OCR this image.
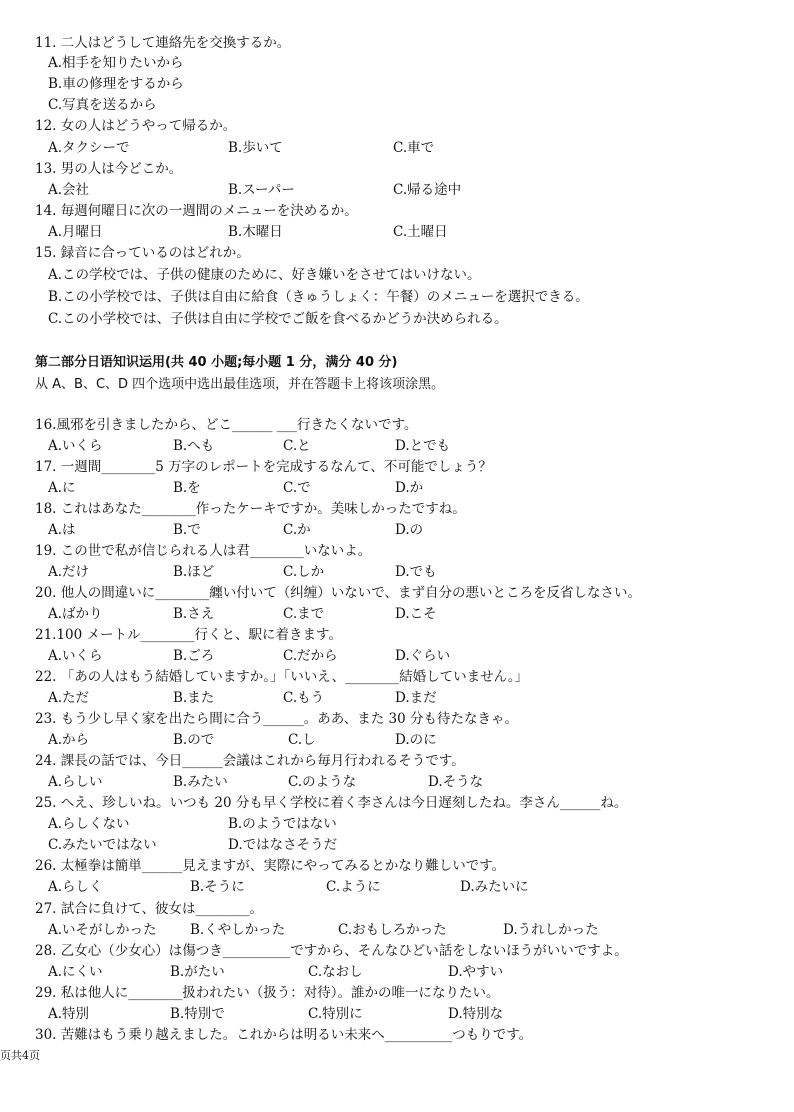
11. 二人はどうして連絡先を交換するか。
A.相手を知りたいから
B.車の修理をするから
C.写真を送るから
12. 女の人はどうやって帰るか。
A.タクシーで	B.歩いて	C.車で
13. 男の人は今どこか。
A.会社	B.スーパー	C.帰る途中
14. 毎週何曜日に次の一週間のメニューを決めるか。
A.月曜日	B.木曜日	C.土曜日
15. 録音に合っているのはどれか。
A.この学校では、子供の健康のために、好き嫌いをさせてはいけない。
B.この小学校では、子供は自由に給食（きゅうしょく：午餐）のメニューを選択できる。
C.この小学校では、子供は自由に学校でご飯を食べるかどうか決められる。
第二部分日语知识运用(共 40 小题;每小题 1 分，满分 40 分)
从 A、B、C、D 四个选项中选出最佳选项，并在答题卡上将该项涂黑。
16.風邪を引きましたから、どこ______ ___行きたくないです。
A.いくら	B.へも	C.と	D.とでも
17. 一週間________5 万字のレポートを完成するなんて、不可能でしょう？
A.に	B.を	C.で	D.か
18. これはあなた________作ったケーキですか。美味しかったですね。
A.は	B.で	C.か	D.の
19. この世で私が信じられる人は君________いないよ。
A.だけ	B.ほど	C.しか	D.でも
20. 他人の間違いに________纏い付いて（纠缠）いないで、まず自分の悪いところを反省しなさい。
A.ばかり	B.さえ	C.まで	D.こそ
21.100 メートル________行くと、駅に着きます。
A.いくら	B.ごろ	C.だから	D.ぐらい
22. 「あの人はもう結婚していますか。」「いいえ、________結婚していません。」
A.ただ	B.また	C.もう	D.まだ
23. もう少し早く家を出たら間に合う______。ああ、また 30 分も待たなきゃ。
A.から	B.ので	C.し	D.のに
24. 課長の話では、今日______会議はこれから毎月行われるそうです。
A.らしい	B.みたい	C.のような	D.そうな
25. へえ、珍しいね。いつも 20 分も早く学校に着く李さんは今日遅刻したね。李さん______ね。
A.らしくない	B.のようではない
C.みたいではない	D.ではなさそうだ
26. 太極拳は簡単______見えますが、実際にやってみるとかなり難しいです。
A.らしく	B.そうに	C.ように	D.みたいに
27. 試合に負けて、彼女は________。
A.いそがしかった B.くやしかった	C.おもしろかった	D.うれしかった
28. 乙女心（少女心）は傷つき__________ですから、そんなひどい話をしないほうがいいですよ。
A.にくい	B.がたい	C.なおし	D.やすい
29. 私は他人に________扱われたい（扱う：对待）。誰かの唯一になりたい。
A.特別	B.特別で	C.特別に	D.特別な
30. 苦難はもう乗り越えました。これからは明るい未来へ__________つもりです。
页共4页
